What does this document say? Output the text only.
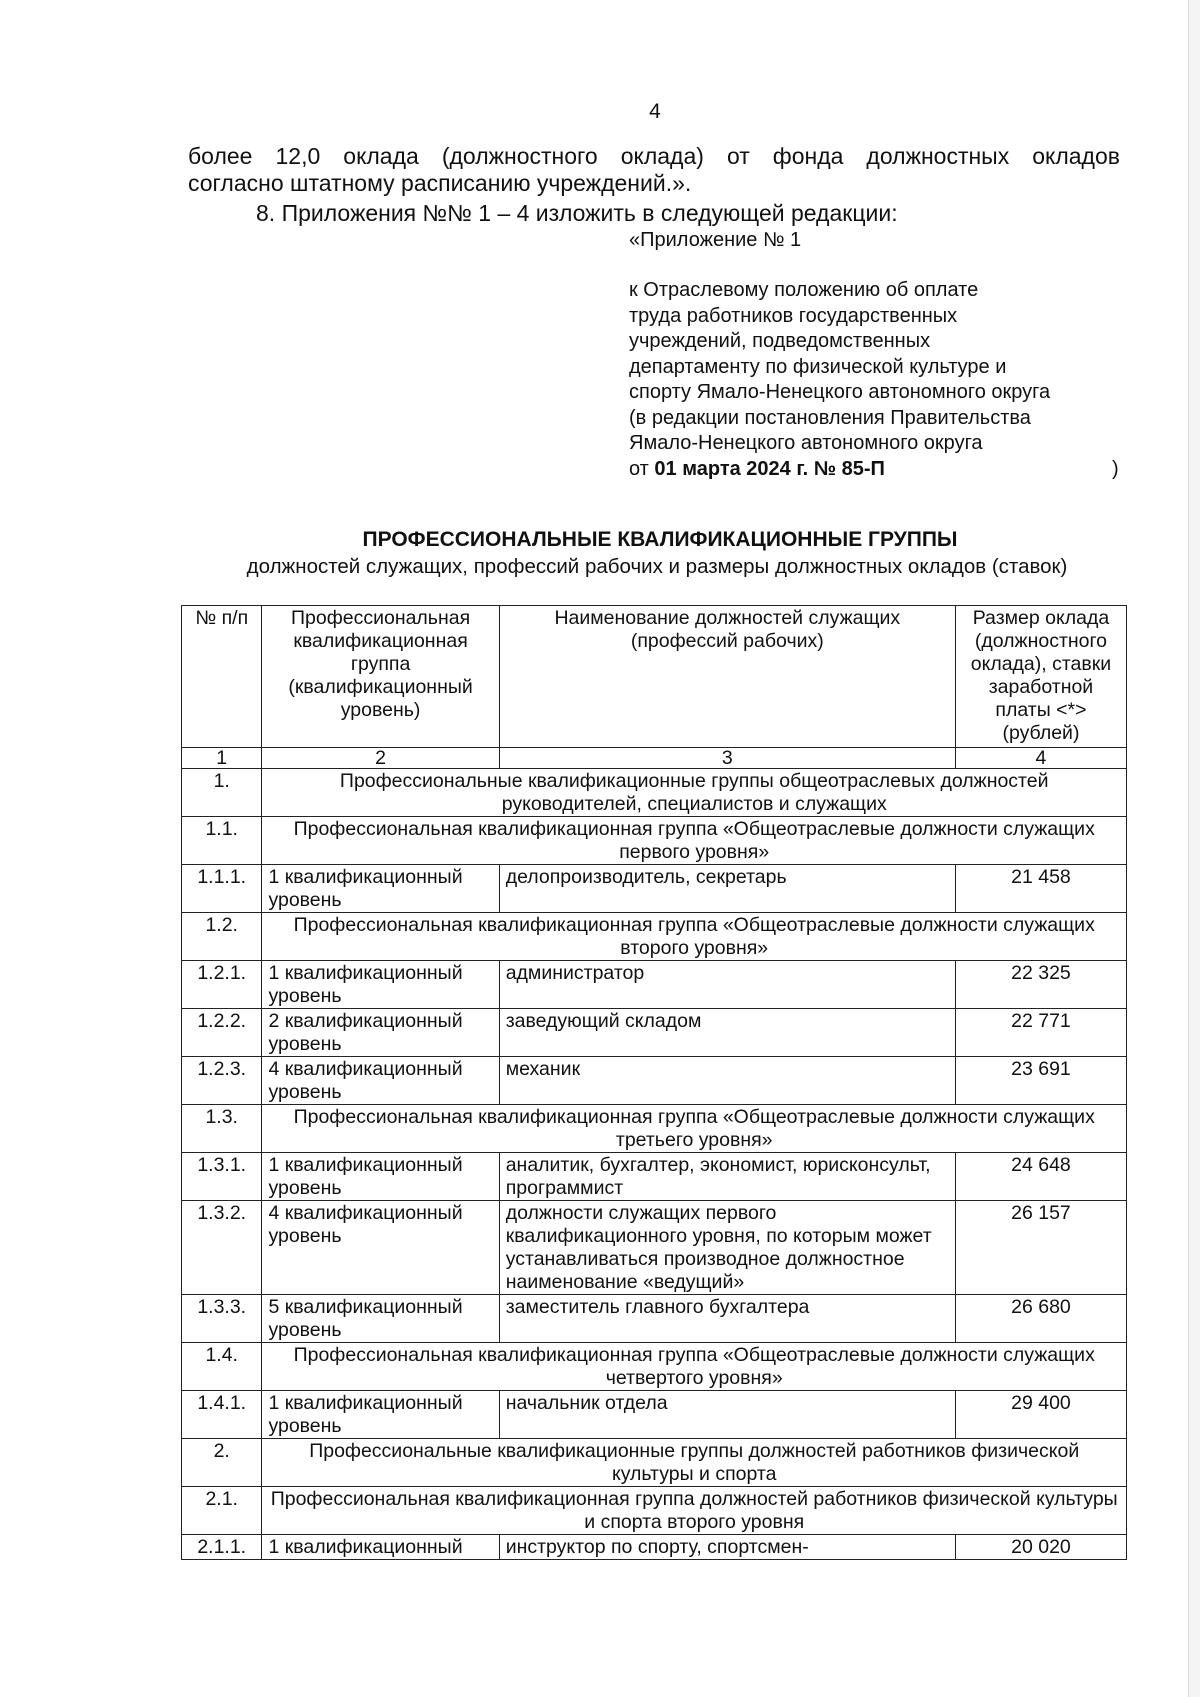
4
более 12,0 оклада (должностного оклада) от фонда должностных окладов
согласно штатному расписанию учреждений.».
8. Приложения №№ 1 – 4 изложить в следующей редакции:
«Приложение № 1
к Отраслевому положению об оплате
труда работников государственных
учреждений, подведомственных
департаменту по физической культуре и
спорту Ямало-Ненецкого автономного округа
(в редакции постановления Правительства
Ямало-Ненецкого автономного округа
от 01 марта 2024 г. № 85-П	)
ПРОФЕССИОНАЛЬНЫЕ КВАЛИФИКАЦИОННЫЕ ГРУППЫ
должностей служащих, профессий рабочих и размеры должностных окладов (ставок)
№ п/п	Профессиональная квалификационная группа (квалификационный уровень)	Наименование должностей служащих (профессий рабочих)	Размер оклада (должностного оклада), ставки заработной платы <*> (рублей)
1	2	3	4
1.	Профессиональные квалификационные группы общеотраслевых должностей руководителей, специалистов и служащих		
1.1.	Профессиональная квалификационная группа «Общеотраслевые должности служащих первого уровня»		
1.1.1.	1 квалификационный уровень	делопроизводитель, секретарь	21 458
1.2.	Профессиональная квалификационная группа «Общеотраслевые должности служащих второго уровня»		
1.2.1.	1 квалификационный уровень	администратор	22 325
1.2.2.	2 квалификационный уровень	заведующий складом	22 771
1.2.3.	4 квалификационный уровень	механик	23 691
1.3.	Профессиональная квалификационная группа «Общеотраслевые должности служащих третьего уровня»		
1.3.1.	1 квалификационный уровень	аналитик, бухгалтер, экономист, юрисконсульт, программист	24 648
1.3.2.	4 квалификационный уровень	должности служащих первого квалификационного уровня, по которым может устанавливаться производное должностное наименование «ведущий»	26 157
1.3.3.	5 квалификационный уровень	заместитель главного бухгалтера	26 680
1.4.	Профессиональная квалификационная группа «Общеотраслевые должности служащих четвертого уровня»		
1.4.1.	1 квалификационный уровень	начальник отдела	29 400
2.	Профессиональные квалификационные группы должностей работников физической культуры и спорта		
2.1.	Профессиональная квалификационная группа должностей работников физической культуры и спорта второго уровня		
2.1.1.	1 квалификационный	инструктор по спорту, спортсмен-	20 020
